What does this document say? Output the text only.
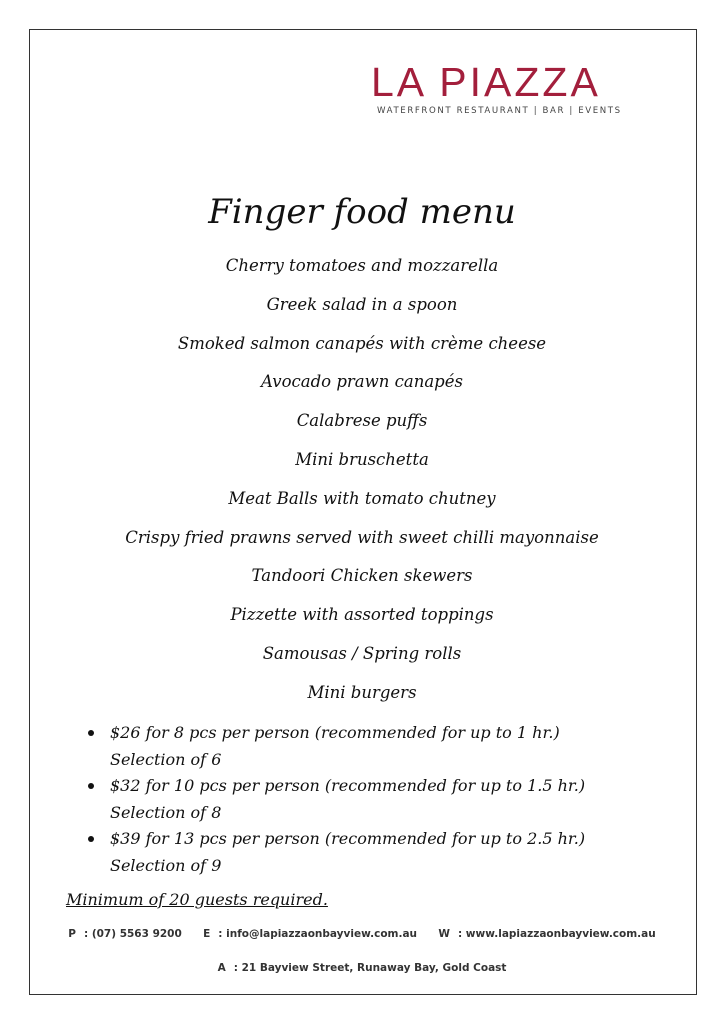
LA PIAZZA
WATERFRONT RESTAURANT | BAR | EVENTS
Finger food menu
Cherry tomatoes and mozzarella
Greek salad in a spoon
Smoked salmon canapés with crème cheese
Avocado prawn canapés
Calabrese puffs
Mini bruschetta
Meat Balls with tomato chutney
Crispy fried prawns served with sweet chilli mayonnaise
Tandoori Chicken skewers
Pizzette with assorted toppings
Samousas / Spring rolls
Mini burgers
$26 for 8 pcs per person (recommended for up to 1 hr.)
Selection of 6
$32 for 10 pcs per person (recommended for up to 1.5 hr.)
Selection of 8
$39 for 13 pcs per person (recommended for up to 2.5 hr.)
Selection of 9
Minimum of 20 guests required.
P : (07) 5563 9200 E : info@lapiazzaonbayview.com.au W : www.lapiazzaonbayview.com.au
A : 21 Bayview Street, Runaway Bay, Gold Coast
